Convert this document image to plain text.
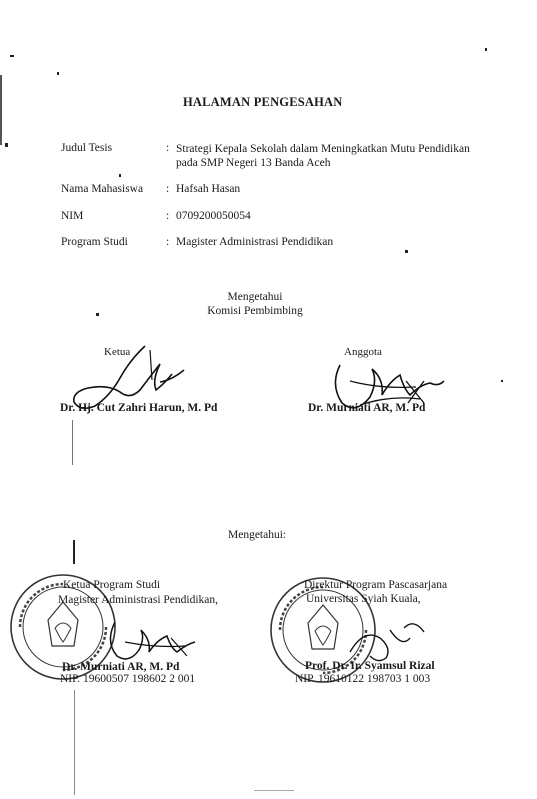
HALAMAN PENGESAHAN
Judul Tesis	: Strategi Kepala Sekolah dalam Meningkatkan Mutu Pendidikan pada SMP Negeri 13 Banda Aceh
Nama Mahasiswa : Hafsah Hasan
NIM	: 0709200050054
Program Studi	: Magister Administrasi Pendidikan
Mengetahui
Komisi Pembimbing
Ketua
Dr. Hj. Cut Zahri Harun, M. Pd
Anggota
Dr. Murniati AR, M. Pd
Mengetahui:
Ketua Program Studi
Magister Administrasi Pendidikan,
Dr. Murniati AR, M. Pd
NIP. 19600507 198602 2 001
Direktur Program Pascasarjana
Universitas Syiah Kuala,
Prof. Dr. Ir. Syamsul Rizal
NIP. 19610122 198703 1 003
